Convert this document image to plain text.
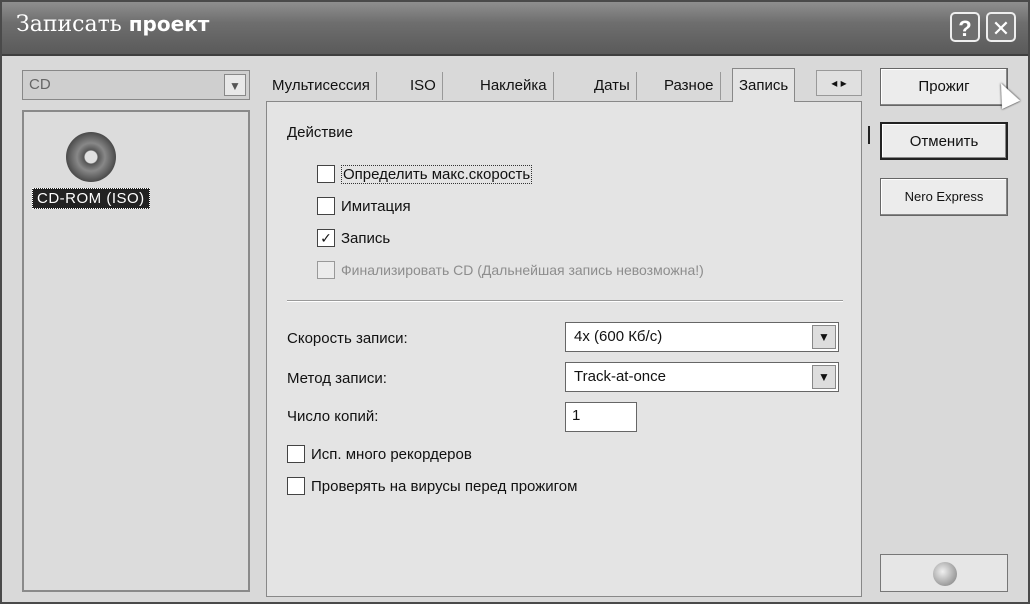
Записать проект	? ✕
CD	▼
CD-ROM (ISO)
Мультисессия	ISO	Наклейка	Даты	Разное	Запись	◂ ▸
Действие
Определить макс.скорость
Имитация
✓ Запись
Финализировать CD (Дальнейшая запись невозможна!)
Скорость записи:	4x (600 Кб/с)	▼
Метод записи:	Track-at-once	▼
Число копий:	1
Исп. много рекордеров
Проверять на вирусы перед прожигом
Прожиг
Отменить
Nero Express
